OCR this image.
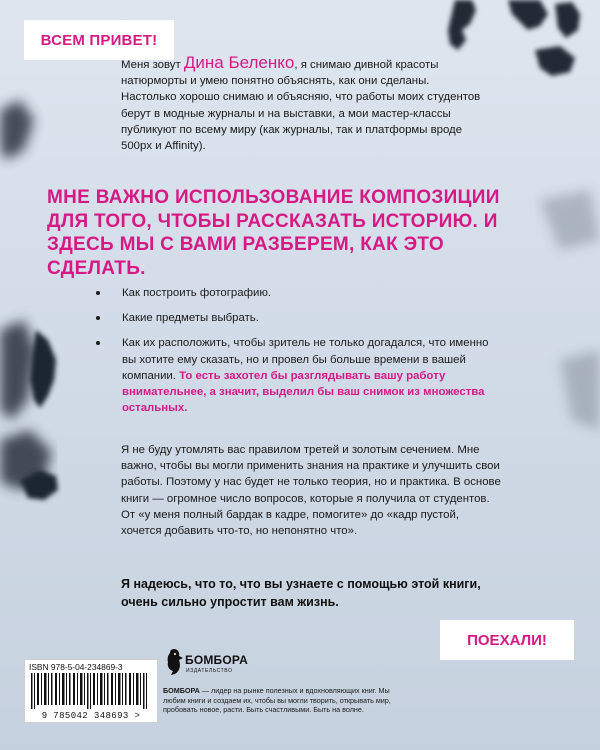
ВСЕМ ПРИВЕТ!
Меня зовут Дина Беленко, я снимаю дивной красоты натюрморты и умею понятно объяснять, как они сделаны. Настолько хорошо снимаю и объясняю, что работы моих студентов берут в модные журналы и на выставки, а мои мастер-классы публикуют по всему миру (как журналы, так и платформы вроде 500px и Affinity).
МНЕ ВАЖНО ИСПОЛЬЗОВАНИЕ КОМПОЗИЦИИ ДЛЯ ТОГО, ЧТОБЫ РАССКАЗАТЬ ИСТОРИЮ. И ЗДЕСЬ МЫ С ВАМИ РАЗБЕРЕМ, КАК ЭТО СДЕЛАТЬ.
Как построить фотографию.
Какие предметы выбрать.
Как их расположить, чтобы зритель не только догадался, что именно вы хотите ему сказать, но и провел бы больше времени в вашей компании. То есть захотел бы разглядывать вашу работу внимательнее, а значит, выделил бы ваш снимок из множества остальных.
Я не буду утомлять вас правилом третей и золотым сечением. Мне важно, чтобы вы могли применить знания на практике и улучшить свои работы. Поэтому у нас будет не только теория, но и практика. В основе книги — огромное число вопросов, которые я получила от студентов. От «у меня полный бардак в кадре, помогите» до «кадр пустой, хочется добавить что-то, но непонятно что».
Я надеюсь, что то, что вы узнаете с помощью этой книги, очень сильно упростит вам жизнь.
ПОЕХАЛИ!
ISBN 978-5-04-234869-3
9 785042 348693 >
БОМБОРА
ИЗДАТЕЛЬСТВО
БОМБОРА — лидер на рынке полезных и вдохновляющих книг. Мы любим книги и создаем их, чтобы вы могли творить, открывать мир, пробовать новое, расти. Быть счастливыми. Быть на волне.
